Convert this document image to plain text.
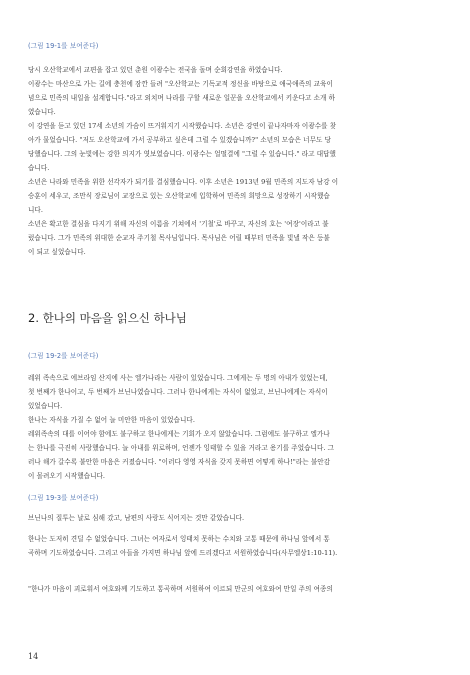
(그림 19-1를 보여준다)
당시 오산학교에서 교편을 잡고 있던 춘원 이광수는 전국을 돌며 순회강연을 하였습니다.
이광수는 마산으로 가는 길에 충천에 잠깐 들려 "오산학교는 기독교적 정신을 바탕으로 애국애족의 교육이
념으로 민족의 내일을 설계합니다."라고 외치며 나라를 구할 새로운 일꾼을 오산학교에서 키운다고 소개 하
였습니다.
이 강연을 듣고 있던 17세 소년의 가슴이 뜨거워지기 시작했습니다. 소년은 강연이 끝나자마자 이광수를 찾
아가 물었습니다. "저도 오산학교에 가서 공부하고 싶은데 그럴 수 있겠습니까?" 소년의 모습은 너무도 당
당했습니다. 그의 눈빛에는 강한 의지가 엿보였습니다. 이광수는 얼떨결에 "그럴 수 있습니다." 라고 대답했
습니다.
소년은 나라와 민족을 위한 선각자가 되기를 결심했습니다. 이후 소년은 1913년 9월 민족의 지도자 남강 이
승훈이 세우고, 조만식 장로님이 교장으로 있는 오산학교에 입학하여 민족의 희망으로 성장하기 시작했습
니다.
소년은 확고한 결심을 다지기 위해 자신의 이름을 기쳐에서 '기철'로 바꾸고, 자신의 호는 '여장'이라고 불
렀습니다. 그가 민족의 위대한 순교자 주기철 목사님입니다. 목사님은 어릴 때부터 민족을 빛낼 작은 등불
이 되고 싶었습니다.
2. 한나의 마음을 읽으신 하나님
(그림 19-2를 보여준다)
레위 족속으로 에브라임 산지에 사는 엘가나라는 사람이 있었습니다. 그에게는 두 명의 아내가 있었는데,
첫 번째가 한나이고, 두 번째가 브닌나였습니다. 그러나 한나에게는 자식이 없었고, 브닌나에게는 자식이
있었습니다.
한나는 자식을 가질 수 없어 늘 미안한 마음이 있었습니다.
레위족속의 대를 이어야 함에도 불구하고 한나에게는 기회가 오지 않았습니다. 그럼에도 불구하고 엘가나
는 한나를 극진히 사랑했습니다. 늘 아내를 위로하며, 언젠가 잉태할 수 있을 거라고 용기를 주었습니다. 그
러나 해가 갈수록 불안한 마음은 커졌습니다. "이러다 영영 자식을 갖지 못하면 어떻게 하나!"라는 불안감
이 몰려오기 시작했습니다.
(그림 19-3를 보여준다)
브닌나의 질투는 날로 심해 갔고, 남편의 사랑도 식어지는 것만 같았습니다.
한나는 도저히 견딜 수 없었습니다. 그녀는 여자로서 잉태치 못하는 수치와 고통 때문에 하나님 앞에서 통
곡하며 기도하였습니다. 그리고 아들을 가지면 하나님 앞에 드리겠다고 서원하였습니다(사무엘상1:10-11).
"한나가 마음이 괴로워서 여호와께 기도하고 통곡하며 서원하여 이르되 만군의 여호와여 만일 주의 여종의
14
